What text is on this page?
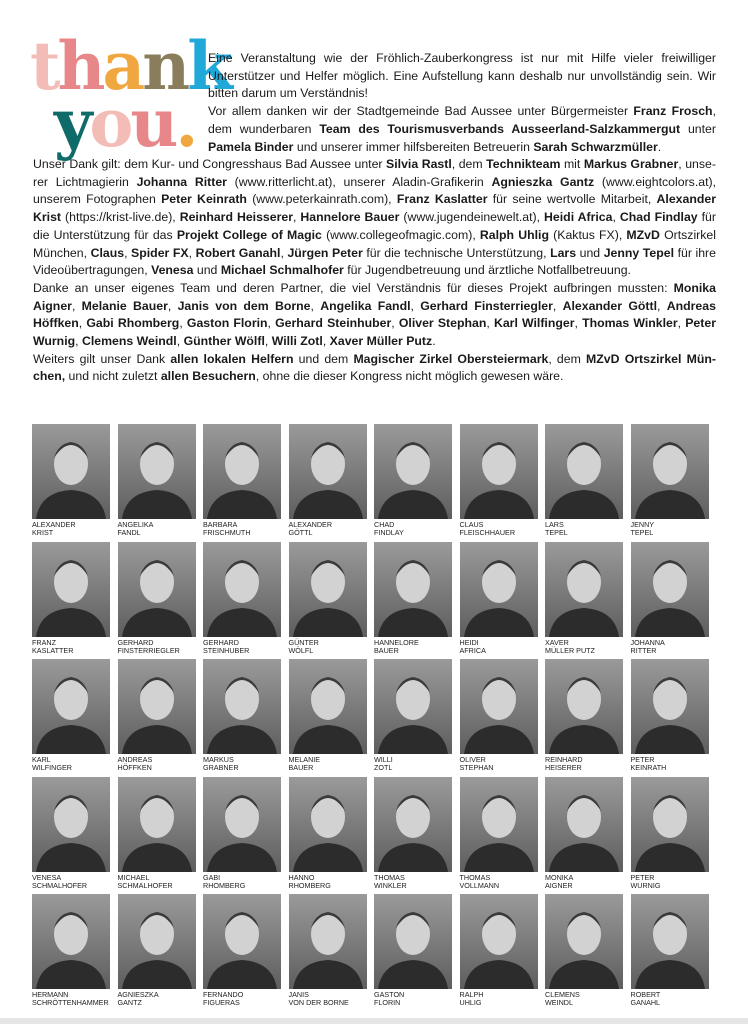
thank
you.

Eine Veranstaltung wie der Fröhlich-Zauberkongress ist nur mit Hilfe vieler freiwilliger Unterstützer und Helfer möglich. Eine Aufstellung kann deshalb nur unvollständig sein. Wir bitten darum um Verständnis!

Vor allem danken wir der Stadtgemeinde Bad Aussee unter Bürgermeister Franz Frosch, dem wunderbaren Team des Tourismusverbands Ausseerland-Salzkammergut unter Pamela Binder und unserer immer hilfsbereiten Betreuerin Sarah Schwarzmüller.

Unser Dank gilt: dem Kur- und Congresshaus Bad Aussee unter Silvia Rastl, dem Technikteam mit Markus Grabner, unserer Lichtmagierin Johanna Ritter (www.ritterlicht.at), unserer Aladin-Grafikerin Agnieszka Gantz (www.eightcolors.at), unserem Fotographen Peter Keinrath (www.peterkainrath.com), Franz Kaslatter für seine wertvolle Mitarbeit, Alexander Krist (https://krist-live.de), Reinhard Heisserer, Hannelore Bauer (www.jugendeinewelt.at), Heidi Africa, Chad Findlay für die Unterstützung für das Projekt College of Magic (www.collegeofmagic.com), Ralph Uhlig (Kaktus FX), MZvD Ortszirkel München, Claus, Spider FX, Robert Ganahl, Jürgen Peter für die technische Unterstützung, Lars und Jenny Tepel für ihre Videoübertragungen, Venesa und Michael Schmalhofer für Jugendbetreuung und ärztliche Notfallbetreuung.

Danke an unser eigenes Team und deren Partner, die viel Verständnis für dieses Projekt aufbringen mussten: Monika Aigner, Melanie Bauer, Janis von dem Borne, Angelika Fandl, Gerhard Finsterriegler, Alexander Göttl, Andreas Höffken, Gabi Rhomberg, Gaston Florin, Gerhard Steinhuber, Oliver Stephan, Karl Wilfinger, Thomas Winkler, Peter Wurnig, Clemens Weindl, Günther Wölfl, Willi Zotl, Xaver Müller Putz.

Weiters gilt unser Dank allen lokalen Helfern und dem Magischer Zirkel Obersteiermark, dem MZvD Ortszirkel München, und nicht zuletzt allen Besuchern, ohne die dieser Kongress nicht möglich gewesen wäre.

ALEXANDER
KRIST
ANGELIKA
FANDL
BARBARA
FRISCHMUTH
ALEXANDER
GÖTTL
CHAD
FINDLAY
CLAUS
FLEISCHHAUER
LARS
TEPEL
JENNY
TEPEL
FRANZ
KASLATTER
GERHARD
FINSTERRIEGLER
GERHARD
STEINHUBER
GÜNTER
WÖLFL
HANNELORE
BAUER
HEIDI
AFRICA
XAVER
MÜLLER PUTZ
JOHANNA
RITTER
KARL
WILFINGER
ANDREAS
HÖFFKEN
MARKUS
GRABNER
MELANIE
BAUER
WILLI
ZOTL
OLIVER
STEPHAN
REINHARD
HEISERER
PETER
KEINRATH
VENESA
SCHMALHOFER
MICHAEL
SCHMALHOFER
GABI
RHOMBERG
HANNO
RHOMBERG
THOMAS
WINKLER
THOMAS
VOLLMANN
MONIKA
AIGNER
PETER
WURNIG
HERMANN
SCHRÖTTENHAMMER
AGNIESZKA
GANTZ
FERNANDO
FIGUERAS
JANIS
VON DER BORNE
GASTON
FLORIN
RALPH
UHLIG
CLEMENS
WEINDL
ROBERT
GANAHL
